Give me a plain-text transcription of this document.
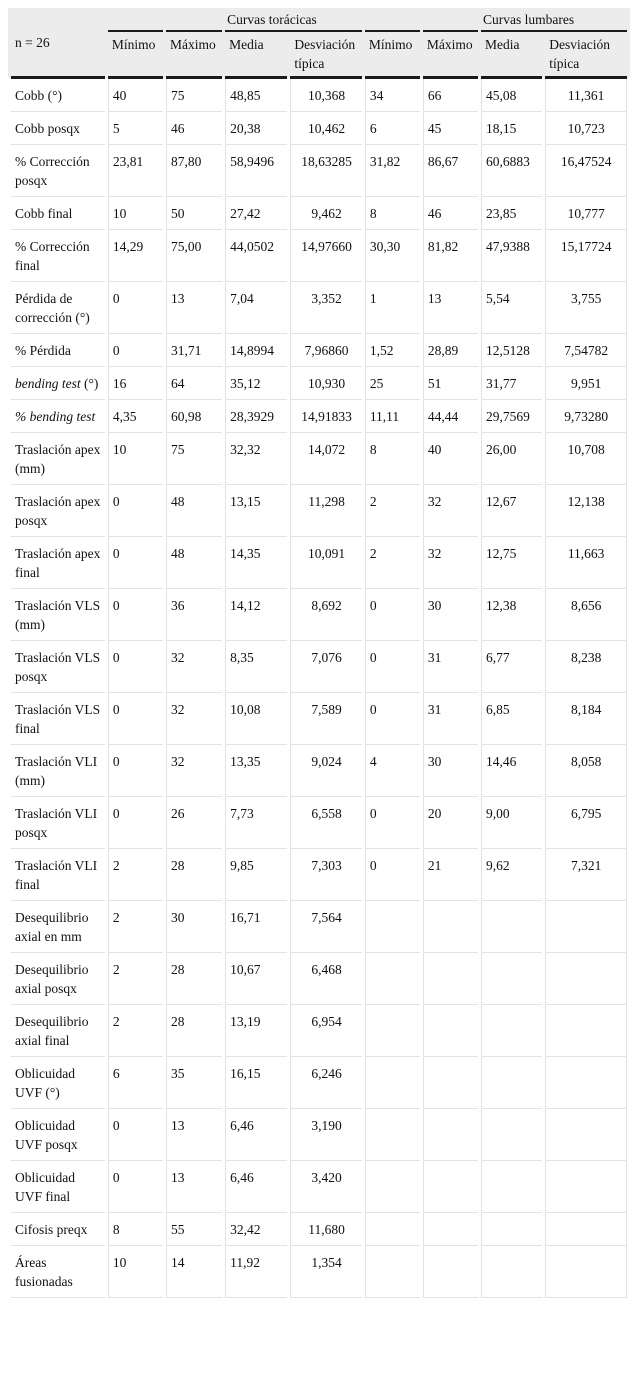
n = 26			Curvas torácicas				Curvas lumbares	
	Mínimo	Máximo	Media	Desviación típica	Mínimo	Máximo	Media	Desviación típica
Cobb (°)	40	75	48,85	10,368	34	66	45,08	11,361
Cobb posqx	5	46	20,38	10,462	6	45	18,15	10,723
% Corrección posqx	23,81	87,80	58,9496	18,63285	31,82	86,67	60,6883	16,47524
Cobb final	10	50	27,42	9,462	8	46	23,85	10,777
% Corrección final	14,29	75,00	44,0502	14,97660	30,30	81,82	47,9388	15,17724
Pérdida de corrección (°)	0	13	7,04	3,352	1	13	5,54	3,755
% Pérdida	0	31,71	14,8994	7,96860	1,52	28,89	12,5128	7,54782
bending test (°)	16	64	35,12	10,930	25	51	31,77	9,951
% bending test	4,35	60,98	28,3929	14,91833	11,11	44,44	29,7569	9,73280
Traslación apex (mm)	10	75	32,32	14,072	8	40	26,00	10,708
Traslación apex posqx	0	48	13,15	11,298	2	32	12,67	12,138
Traslación apex final	0	48	14,35	10,091	2	32	12,75	11,663
Traslación VLS (mm)	0	36	14,12	8,692	0	30	12,38	8,656
Traslación VLS posqx	0	32	8,35	7,076	0	31	6,77	8,238
Traslación VLS final	0	32	10,08	7,589	0	31	6,85	8,184
Traslación VLI (mm)	0	32	13,35	9,024	4	30	14,46	8,058
Traslación VLI posqx	0	26	7,73	6,558	0	20	9,00	6,795
Traslación VLI final	2	28	9,85	7,303	0	21	9,62	7,321
Desequilibrio axial en mm	2	30	16,71	7,564				
Desequilibrio axial posqx	2	28	10,67	6,468				
Desequilibrio axial final	2	28	13,19	6,954				
Oblicuidad UVF (°)	6	35	16,15	6,246				
Oblicuidad UVF posqx	0	13	6,46	3,190				
Oblicuidad UVF final	0	13	6,46	3,420				
Cifosis preqx	8	55	32,42	11,680				
Áreas fusionadas	10	14	11,92	1,354				
